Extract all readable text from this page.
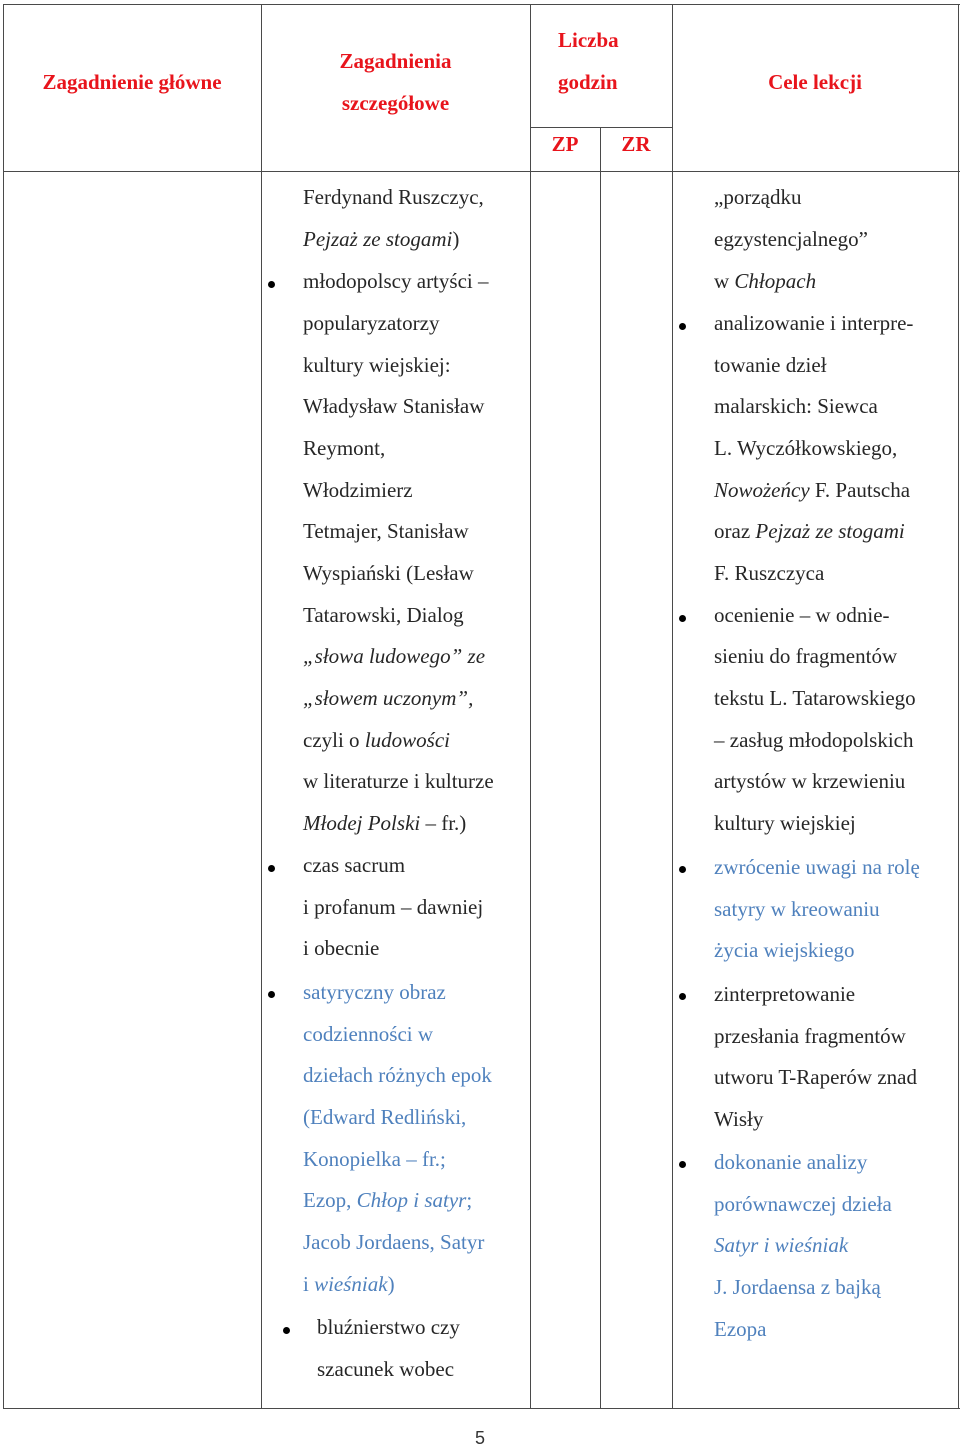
Zagadnienie główne
Zagadnienia
szczegółowe
Liczba
godzin
ZP	ZR
Cele lekcji
Ferdynand Ruszczyc,
Pejzaż ze stogami)
młodopolscy artyści –
popularyzatorzy
kultury wiejskiej:
Władysław Stanisław
Reymont,
Włodzimierz
Tetmajer, Stanisław
Wyspiański (Lesław
Tatarowski, Dialog
„słowa ludowego” ze
„słowem uczonym”,
czyli o ludowości
w literaturze i kulturze
Młodej Polski – fr.)
czas sacrum
i profanum – dawniej
i obecnie
satyryczny obraz
codzienności w
dziełach różnych epok
(Edward Redliński,
Konopielka – fr.;
Ezop, Chłop i satyr;
Jacob Jordaens, Satyr
i wieśniak)
bluźnierstwo czy
szacunek wobec
„porządku
egzystencjalnego”
w Chłopach
analizowanie i interpre-
towanie dzieł
malarskich: Siewca
L. Wyczółkowskiego,
Nowożeńcy F. Pautscha
oraz Pejzaż ze stogami
F. Ruszczyca
ocenienie – w odnie-
sieniu do fragmentów
tekstu L. Tatarowskiego
– zasług młodopolskich
artystów w krzewieniu
kultury wiejskiej
zwrócenie uwagi na rolę
satyry w kreowaniu
życia wiejskiego
zinterpretowanie
przesłania fragmentów
utworu T-Raperów znad
Wisły
dokonanie analizy
porównawczej dzieła
Satyr i wieśniak
J. Jordaensa z bajką
Ezopa
5
